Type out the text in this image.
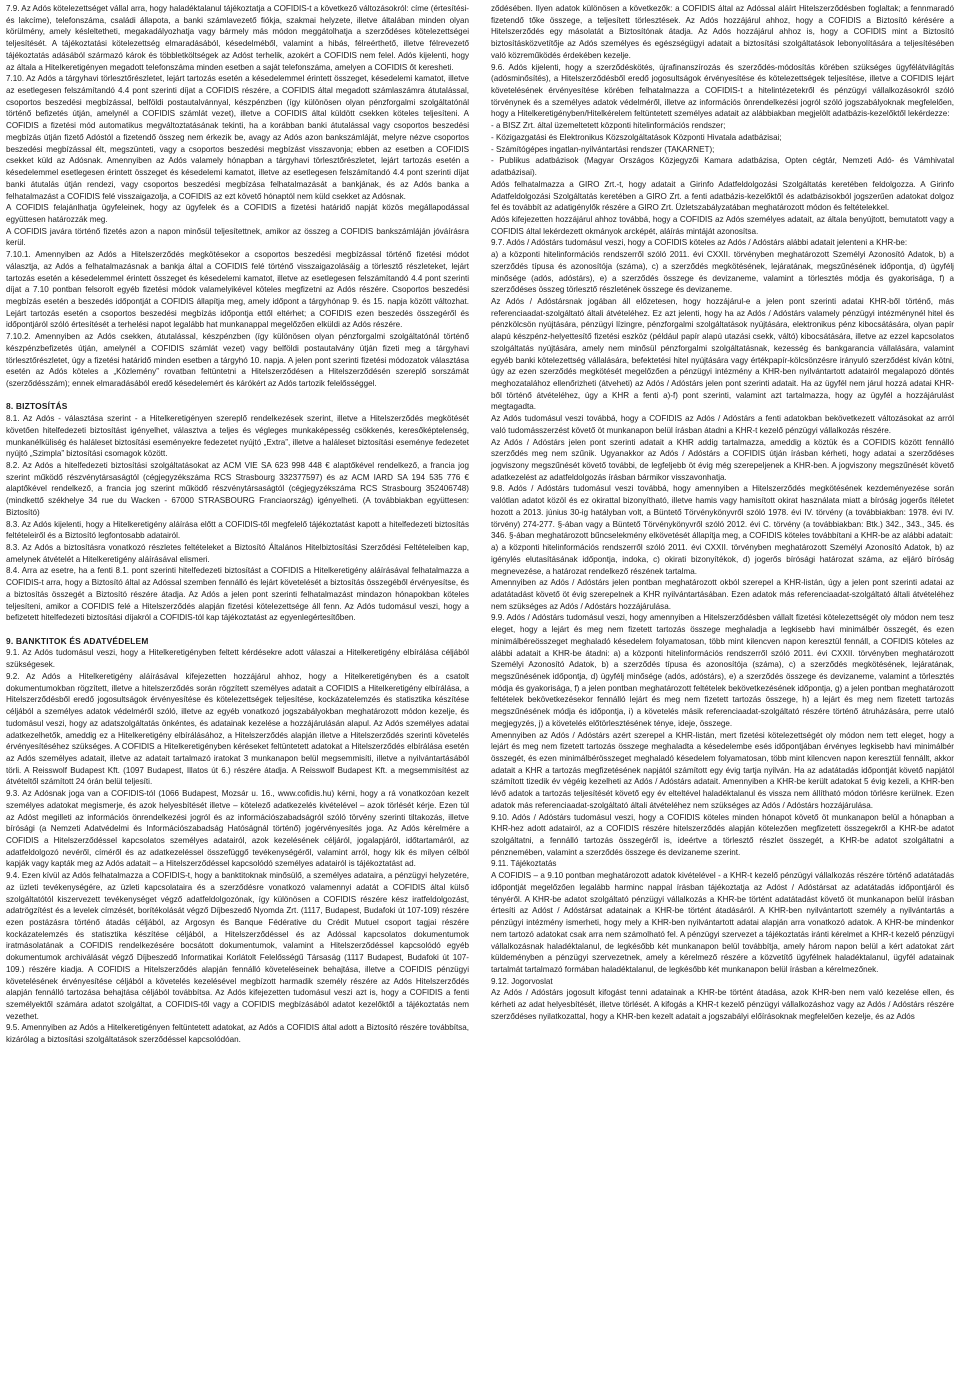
7.9. Az Adós kötelezettséget vállal arra, hogy haladéktalanul tájékoztatja a COFIDIS-t a következő változásokról: címe (értesítési- és lakcíme), telefonszáma, családi állapota, a banki számlavezető fiókja, szakmai helyzete, illetve általában minden olyan körülmény, amely késleltetheti, megakadályozhatja vagy bármely más módon meggátolhatja a szerződéses kötelezettségei teljesítését. A tájékoztatási kötelezettség elmaradásából, késedelméből, valamint a hibás, félreérthető, illetve félrevezető tájékoztatás adásából származó károk és többletköltségek az Adóst terhelik, azokért a COFIDIS nem felel. Adós kijelenti, hogy az általa a Hitelkeretigényen megadott telefonszáma minden esetben a saját telefonszáma, amelyen a COFIDIS őt keresheti.

7.10. Az Adós a tárgyhavi törlesztőrészletet, lejárt tartozás esetén a késedelemmel érintett összeget, késedelemi kamatot, illetve az esetlegesen felszámítandó 4.4 pont szerinti díjat a COFIDIS részére, a COFIDIS által megadott számlaszámra átutalással, csoportos beszedési megbízással, belföldi postautalvánnyal, készpénzben (így különösen olyan pénzforgalmi szolgáltatónál történő befizetés útján, amelynél a COFIDIS számlát vezet), illetve a COFIDIS által küldött csekken köteles teljesíteni. A COFIDIS a fizetési mód automatikus megváltoztatásának tekinti, ha a korábban banki átutalással vagy csoportos beszedési megbízás útján fizető Adóstól a fizetendő összeg nem érkezik be, avagy az Adós azon bankszámláját, melyre nézve csoportos beszedési megbízással élt, megszünteti, vagy a csoportos beszedési megbízást visszavonja; ebben az esetben a COFIDIS csekket küld az Adósnak. Amennyiben az Adós valamely hónapban a tárgyhavi törlesztőrészletet, lejárt tartozás esetén a késedelemmel esetlegesen érintett összeget és késedelemi kamatot, illetve az esetlegesen felszámítandó 4.4 pont szerinti díjat banki átutalás útján rendezi, vagy csoportos beszedési megbízása felhatalmazását a bankjának, és az Adós banka a felhatalmazást a COFIDIS felé visszaigazolja, a COFIDIS az ezt követő hónaptól nem küld csekket az Adósnak.

A COFIDIS felajánlhatja ügyfeleinek, hogy az ügyfelek és a COFIDIS a fizetési határidő napját közös megállapodással együttesen határozzák meg.

A COFIDIS javára történő fizetés azon a napon minősül teljesítettnek, amikor az összeg a COFIDIS bankszámláján jóváírásra kerül.

7.10.1. Amennyiben az Adós a Hitelszerződés megkötésekor a csoportos beszedési megbízással történő fizetési módot választja, az Adós a felhatalmazásnak a bankja által a COFIDIS felé történő visszaigazolásáig a törlesztő részleteket, lejárt tartozás esetén a késedelemmel érintett összeget és késedelemi kamatot, illetve az esetlegesen felszámítandó 4.4 pont szerinti díjat a 7.10 pontban felsorolt egyéb fizetési módok valamelyikével köteles megfizetni az Adós részére. Csoportos beszedési megbízás esetén a beszedés időpontját a COFIDIS állapítja meg, amely időpont a tárgyhónap 9. és 15. napja között változhat. Lejárt tartozás esetén a csoportos beszedési megbízás időpontja ettől eltérhet; a COFIDIS ezen beszedés összegéről és időpontjáról szóló értesítését a terhelési napot legalább hat munkanappal megelőzően elküldi az Adós részére.

7.10.2. Amennyiben az Adós csekken, átutalással, készpénzben (így különösen olyan pénzforgalmi szolgáltatónál történő készpénzbefizetés útján, amelynél a COFIDIS számlát vezet) vagy belföldi postautalvány útján fizeti meg a tárgyhavi törlesztőrészletet, úgy a fizetési határidő minden esetben a tárgyhó 10. napja. A jelen pont szerinti fizetési módozatok választása esetén az Adós köteles a „Közlemény” rovatban feltüntetni a Hitelszerződésen a Hitelszerződésén szereplő sorszámát (szerződésszám); ennek elmaradásából eredő késedelemért és kárókért az Adós tartozik felelősséggel.

8. BIZTOSÍTÁS

8.1. Az Adós - választása szerint - a Hitelkeretigényen szereplő rendelkezések szerint, illetve a Hitelszerződés megkötését követően hitelfedezeti biztosítást igényelhet, választva a teljes és végleges munkaképesség csökkenés, keresőképtelenség, munkanélküliség és haláleset biztosítási eseményekre fedezetet nyújtó „Extra”, illetve a haláleset biztosítási eseménye fedezetet nyújtó „Szimpla” biztosítási csomagok között.

8.2. Az Adós a hitelfedezeti biztosítási szolgáltatásokat az ACM VIE SA 623 998 448 € alaptőkével rendelkező, a francia jog szerint működő részvénytársaságtól (cégjegyzékszáma RCS Strasbourg 332377597) és az ACM IARD SA 194 535 776 € alaptőkével rendelkező, a francia jog szerint működő részvénytársaságtól (cégjegyzékszáma RCS Strasbourg 352406748) (mindkettő székhelye 34 rue du Wacken - 67000 STRASBOURG Franciaország) igényelheti. (A továbbiakban együttesen: Biztosító)

8.3. Az Adós kijelenti, hogy a Hitelkeretigény aláírása előtt a COFIDIS-től megfelelő tájékoztatást kapott a hitelfedezeti biztosítás feltételeiről és a Biztosító legfontosabb adatairól.

8.3. Az Adós a biztosításra vonatkozó részletes feltételeket a Biztosító Általános Hitelbiztosítási Szerződési Feltételeiben kap, amelynek átvételét a Hitelkeretigény aláírásával elismeri.

8.4. Arra az esetre, ha a fenti 8.1. pont szerinti hitelfedezeti biztosítást a COFIDIS a Hitelkeretigény aláírásával felhatalmazza a COFIDIS-t arra, hogy a Biztosító által az Adóssal szemben fennálló és lejárt követelését a biztosítás összegéből érvényesítse, és a biztosítás összegét a Biztosító részére átadja. Az Adós a jelen pont szerinti felhatalmazást mindazon hónapokban köteles teljesíteni, amikor a COFIDIS felé a Hitelszerződés alapján fizetési kötelezettsége áll fenn. Az Adós tudomásul veszi, hogy a befizetett hitelfedezeti biztosítási díjakról a COFIDIS-tól kap tájékoztatást az egyenlegértesítőben.

9. BANKTITOK ÉS ADATVÉDELEM

9.1. Az Adós tudomásul veszi, hogy a Hitelkeretigényben feltett kérdésekre adott válaszai a Hitelkeretigény elbírálása céljából szükségesek.

9.2. Az Adós a Hitelkeretigény aláírásával kifejezetten hozzájárul ahhoz, hogy a Hitelkeretigényben és a csatolt dokumentumokban rögzített, illetve a hitelszerződés során rögzített személyes adatait a COFIDIS a Hitelkeretigény elbírálása, a Hitelszerződésből eredő jogosultságok érvényesítése és kötelezettségek teljesítése, kockázatelemzés és statisztika készítése céljából a személyes adatok védelméről szóló, illetve az egyéb vonatkozó jogszabályokban meghatározott módon kezelje, és tudomásul veszi, hogy az adatszolgáltatás önkéntes, és adatainak kezelése a hozzájárulásán alapul. Az Adós személyes adatai adatkezelhetők, ameddig ez a Hitelkeretigény elbírálásához, a Hitelszerződés alapján illetve a Hitelszerződés szerinti követelés érvényesítéséhez szükséges. A COFIDIS a Hitelkeretigényben kéréseket feltüntetett adatokat a Hitelszerződés elbírálása esetén az Adós személyes adatait, illetve az adatait tartalmazó iratokat 3 munkanapon belül megsemmisíti, illetve a nyilvántartásából törli. A Reisswolf Budapest Kft. (1097 Budapest, Illatos út 6.) részére átadja. A Reisswolf Budapest Kft. a megsemmisítést az átvételtől számított 24 órán belül teljesíti.

9.3. Az Adósnak joga van a COFIDIS-tól (1066 Budapest, Mozsár u. 16., www.cofidis.hu) kérni, hogy a rá vonatkozóan kezelt személyes adatokat megismerje, és azok helyesbítését illetve – kötelező adatkezelés kivételével – azok törlését kérje. Ezen túl az Adóst megilleti az információs önrendelkezési jogról és az információszabadságról szóló törvény szerinti tiltakozás, illetve bírósági (a Nemzeti Adatvédelmi és Információszabadság Hatóságnál történő) jogérvényesítés joga. Az Adós kérelmére a COFIDIS a Hitelszerződéssel kapcsolatos személyes adatairól, azok kezelésének céljáról, jogalapjáról, időtartamáról, az adatfeldolgozó nevéről, címéről és az adatkezeléssel összefüggő tevékenységéről, valamint arról, hogy kik és milyen célból kapják vagy kapták meg az Adós adatait – a Hitelszerződéssel kapcsolódó személyes adatairól is tájékoztatást ad.

9.4. Ezen kívül az Adós felhatalmazza a COFIDIS-t, hogy a banktitoknak minősülő, a személyes adataira, a pénzügyi helyzetére, az üzleti tevékenységére, az üzleti kapcsolataira és a szerződésre vonatkozó valamennyi adatát a COFIDIS által külső szolgáltatótól kiszervezett tevékenységet végző adatfeldolgozónak, így különösen a COFIDIS részére kész iratfeldolgozást, adatrögzítést és a levelek címzését, borítékolását végző Díjbeszedő Nyomda Zrt. (1117, Budapest, Budafoki út 107-109) részére ezen postázásra történő átadás céljából, az Argosyn és Banque Fédérative du Crédit Mutuel csoport tagjai részére kockázatelemzés és statisztika készítése céljából, a Hitelszerződéssel és az Adóssal kapcsolatos dokumentumok iratmásolatának a COFIDIS rendelkezésére bocsátott dokumentumok, valamint a Hitelszerződéssel kapcsolódó egyéb dokumentumok archiválását végző Díjbeszedő Informatikai Korlátolt Felelősségű Társaság (1117 Budapest, Budafoki út 107-109.) részére kiadja. A COFIDIS a Hitelszerződés alapján fennálló követeléseinek behajtása, illetve a COFIDIS pénzügyi követelésének érvényesítése céljából a követelés kezelésével megbízott harmadik személy részére az Adós Hitelszerződés alapján fennálló tartozása behajtása céljából továbbítsa. Az Adós kifejezetten tudomásul veszi azt is, hogy a COFIDIS a fenti személyektől számára adatot szolgáltat, a COFIDIS-től vagy a COFIDIS megbízásából adatot kezelőktől a tájékoztatás nem vezethet.

9.5. Amennyiben az Adós a Hitelkeretigényen feltüntetett adatokat, az Adós a COFIDIS által adott a Biztosító részére továbbítsa, kizárólag a biztosítási szolgáltatások szerződéssel kapcsolódóan.

ződésében. Ilyen adatok különösen a következők: a COFIDIS által az Adóssal aláírt Hitelszerződésben foglaltak; a fennmaradó fizetendő tőke összege, a teljesített törlesztések. Az Adós hozzájárul ahhoz, hogy a COFIDIS a Biztosító kérésére a Hitelszerződés egy másolatát a Biztosítónak átadja. Az Adós hozzájárul ahhoz is, hogy a COFIDIS mint a Biztosító biztosításközvetítője az Adós személyes és egészségügyi adatait a biztosítási szolgáltatások lebonyolítására a teljesítésében való közreműködés érdekében kezelje.

9.6. Adós kijelenti, hogy a szerződéskötés, újrafinanszírozás és szerződés-módosítás körében szükséges ügyfélátvilágítás (adósminősítés), a Hitelszerződésből eredő jogosultságok érvényesítése és kötelezettségek teljesítése, illetve a COFIDIS lejárt követelésének érvényesítése körében felhatalmazza a COFIDIS-t a hitelintézetekről és pénzügyi vállalkozásokról szóló törvénynek és a személyes adatok védelméről, illetve az információs önrendelkezési jogról szóló jogszabályoknak megfelelően, hogy a Hitelkeretigényben/Hitelkérelem feltüntetett személyes adatait az alábbiakban megjelölt adatbázis-kezelőktől lekérdezze:

- a BISZ Zrt. által üzemeltetett központi hitelinformációs rendszer;

- Közigazgatási és Elektronikus Közszolgáltatások Központi Hivatala adatbázisai;

- Számítógépes ingatlan-nyilvántartási rendszer (TAKARNET);

- Publikus adatbázisok (Magyar Országos Közjegyzői Kamara adatbázisa, Opten cégtár, Nemzeti Adó- és Vámhivatal adatbázisai).

Adós felhatalmazza a GIRO Zrt.-t, hogy adatait a Girinfo Adatfeldolgozási Szolgáltatás keretében feldolgozza. A Girinfo Adatfeldolgozási Szolgáltatás keretében a GIRO Zrt. a fenti adatbázis-kezelőktől és adatbázisokból jogszerűen adatokat dolgoz fel és továbbít az adatigénylők részére a GIRO Zrt. Üzletszabályzatában meghatározott módon és feltételekkel.

Adós kifejezetten hozzájárul ahhoz továbbá, hogy a COFIDIS az Adós személyes adatait, az általa benyújtott, bemutatott vagy a COFIDIS által lekérdezett okmányok arcképét, aláírás mintáját azonosítsa.

9.7. Adós / Adóstárs tudomásul veszi, hogy a COFIDIS köteles az Adós / Adóstárs alábbi adatait jelenteni a KHR-be:

a) a központi hitelinformációs rendszerről szóló 2011. évi CXXII. törvényben meghatározott Személyi Azonosító Adatok, b) a szerződés típusa és azonosítója (száma), c) a szerződés megkötésének, lejáratának, megszűnésének időpontja, d) ügyfélj minősége (adós, adóstárs), e) a szerződés összege és devizaneme, valamint a törlesztés módja és gyakorisága, f) a szerződéses összeg törlesztő részletének összege és devizaneme.

Az Adós / Adóstársnak jogában áll előzetesen, hogy hozzájárul-e a jelen pont szerinti adatai KHR-ből történő, más referenciaadat-szolgáltató általi átvételéhez. Ez azt jelenti, hogy ha az Adós / Adóstárs valamely pénzügyi intézménynél hitel és pénzkölcsön nyújtására, pénzügyi lízingre, pénzforgalmi szolgáltatások nyújtására, elektronikus pénz kibocsátására, olyan papír alapú készpénz-helyettesítő fizetési eszköz (például papír alapú utazási csekk, váltó) kibocsátására, illetve az ezzel kapcsolatos szolgáltatás nyújtására, amely nem minősül pénzforgalmi szolgáltatásnak, kezesség és bankgarancia vállalására, valamint egyéb banki kötelezettség vállalására, befektetési hitel nyújtására vagy értékpapír-kölcsönzésre irányuló szerződést kíván kötni, úgy az ezen szerződés megkötését megelőzően a pénzügyi intézmény a KHR-ben nyilvántartott adatairól megalapozó döntés meghozatalához ellenőrizheti (átveheti) az Adós / Adóstárs jelen pont szerinti adatait. Ha az ügyfél nem járul hozzá adatai KHR-ből történő átvételéhez, úgy a KHR a fenti a)-f) pont szerinti, valamint azt tartalmazza, hogy az ügyfél a hozzájárulást megtagadta.

Az Adós tudomásul veszi továbbá, hogy a COFIDIS az Adós / Adóstárs a fenti adatokban bekövetkezett változásokat az arról való tudomásszerzést követő öt munkanapon belül írásban átadni a KHR-t kezelő pénzügyi vállalkozás részére.

Az Adós / Adóstárs jelen pont szerinti adatait a KHR addig tartalmazza, ameddig a köztük és a COFIDIS között fennálló szerződés meg nem szűnik. Ugyanakkor az Adós / Adóstárs a COFIDIS útján írásban kérheti, hogy adatai a szerződéses jogviszony megszűnését követő további, de legfeljebb öt évig még szerepeljenek a KHR-ben. A jogviszony megszűnését követő adatkezelést az adatfeldolgozás írásban bármikor visszavonhatja.

9.8. Adós / Adóstárs tudomásul veszi továbbá, hogy amennyiben a Hitelszerződés megkötésének kezdeményezése során valótlan adatot közöl és ez okirattal bizonyítható, illetve hamis vagy hamisított okirat használata miatt a bíróság jogerős ítéletet hozott a 2013. június 30-ig hatályban volt, a Büntető Törvénykönyvről szóló 1978. évi IV. törvény (a továbbiakban: 1978. évi IV. törvény) 274-277. §-ában vagy a Büntető Törvénykönyvről szóló 2012. évi C. törvény (a továbbiakban: Btk.) 342., 343., 345. és 346. §-ában meghatározott bűncselekmény elkövetését állapítja meg, a COFIDIS köteles továbbítani a KHR-be az alábbi adatait:

a) a központi hitelinformációs rendszerről szóló 2011. évi CXXII. törvényben meghatározott Személyi Azonosító Adatok, b) az igénylés elutasításának időpontja, indoka, c) okirati bizonyítékok, d) jogerős bírósági határozat száma, az eljáró bíróság megnevezése, a határozat rendelkező részének tartalma.

Amennyiben az Adós / Adóstárs jelen pontban meghatározott okból szerepel a KHR-listán, úgy a jelen pont szerinti adatai az adatátadást követő öt évig szerepelnek a KHR nyilvántartásában. Ezen adatok más referenciaadat-szolgáltató általi átvételéhez nem szükséges az Adós / Adóstárs hozzájárulása.

9.9. Adós / Adóstárs tudomásul veszi, hogy amennyiben a Hitelszerződésben vállalt fizetési kötelezettségét oly módon nem tesz eleget, hogy a lejárt és meg nem fizetett tartozás összege meghaladja a legkisebb havi minimálbér összegét, és ezen minimálbéreösszeget meghaladó késedelem folyamatosan, több mint kilencven napon keresztül fennáll, a COFIDIS köteles az alábbi adatait a KHR-be átadni: a) a központi hitelinformációs rendszerről szóló 2011. évi CXXII. törvényben meghatározott Személyi Azonosító Adatok, b) a szerződés típusa és azonosítója (száma), c) a szerződés megkötésének, lejáratának, megszűnésének időpontja, d) ügyfélj minősége (adós, adóstárs), e) a szerződés összege és devizaneme, valamint a törlesztés módja és gyakorisága, f) a jelen pontban meghatározott feltételek bekövetkezésének időpontja, g) a jelen pontban meghatározott feltételek bekövetkezésekor fennálló lejárt és meg nem fizetett tartozás összege, h) a lejárt és meg nem fizetett tartozás megszűnésének módja és időpontja, i) a követelés másik referenciaadat-szolgáltató részére történő átruházására, perre utaló megjegyzés, j) a követelés előtörlesztésének ténye, ideje, összege.

Amennyiben az Adós / Adóstárs azért szerepel a KHR-listán, mert fizetési kötelezettségét oly módon nem tett eleget, hogy a lejárt és meg nem fizetett tartozás összege meghaladta a késedelembe esés időpontjában érvényes legkisebb havi minimálbér összegét, és ezen minimálbérösszeget meghaladó késedelem folyamatosan, több mint kilencven napon keresztül fennállt, akkor adatait a KHR a tartozás megfizetésének napjától számított egy évig tartja nyilván. Ha az adatátadás időpontját követő napjától számított tizedik év végéig kezelheti az Adós / Adóstárs adatait. Amennyiben a KHR-be került adatokat 5 évig kezeli, a KHR-ben lévő adatok a tartozás teljesítését követő egy év elteltével haladéktalanul és vissza nem állítható módon törlésre kerülnek. Ezen adatok más referenciaadat-szolgáltató általi átvételéhez nem szükséges az Adós / Adóstárs hozzájárulása.

9.10. Adós / Adóstárs tudomásul veszi, hogy a COFIDIS köteles minden hónapot követő öt munkanapon belül a hónapban a KHR-hez adott adatairól, az a COFIDIS részére hitelszerződés alapján kötelezően megfizetett összegekről a KHR-be adatot szolgáltatni, a fennálló tartozás összegéről is, ideértve a törlesztő részlet összegét, a KHR-be adatot szolgáltatni a pénznemében, valamint a szerződés összege és devizaneme szerint.

9.11. Tájékoztatás

A COFIDIS – a 9.10 pontban meghatározott adatok kivételével - a KHR-t kezelő pénzügyi vállalkozás részére történő adatátadás időpontját megelőzően legalább harminc nappal írásban tájékoztatja az Adóst / Adóstársat az adatátadás időpontjáról és tényéről. A KHR-be adatot szolgáltató pénzügyi vállalkozás a KHR-be történt adatátadást követő öt munkanapon belül írásban értesíti az Adóst / Adóstársat adatainak a KHR-be történt átadásáról. A KHR-ben nyilvántartott személy a nyilvántartás a pénzügyi intézmény ismerheti, hogy mely a KHR-ben nyilvántartott adatai alapján arra vonatkozó adatok. A KHR-be mindenkor nem tartozó adatokat csak arra nem számolható fel. A pénzügyi szervezet a tájékoztatás iránti kérelmet a KHR-t kezelő pénzügyi vállalkozásnak haladéktalanul, de legkésőbb két munkanapon belül továbbítja, amely három napon belül a kért adatokat zárt küldeményben a pénzügyi szervezetnek, amely a kérelmező részére a közvetítő ügyfélnek haladéktalanul, ügyfél adatainak tartalmát tartalmazó formában haladéktalanul, de legkésőbb két munkanapon belül írásban a kérelmezőnek.

9.12. Jogorvoslat

Az Adós / Adóstárs jogosult kifogást tenni adatainak a KHR-be történt átadása, azok KHR-ben nem való kezelése ellen, és kérheti az adat helyesbítését, illetve törlését. A kifogás a KHR-t kezelő pénzügyi vállalkozáshoz vagy az Adós / Adóstárs részére szerződéses nyilatkozattal, hogy a KHR-ben kezelt adatait a jogszabályi előírásoknak megfelelően kezelje, és az Adós
